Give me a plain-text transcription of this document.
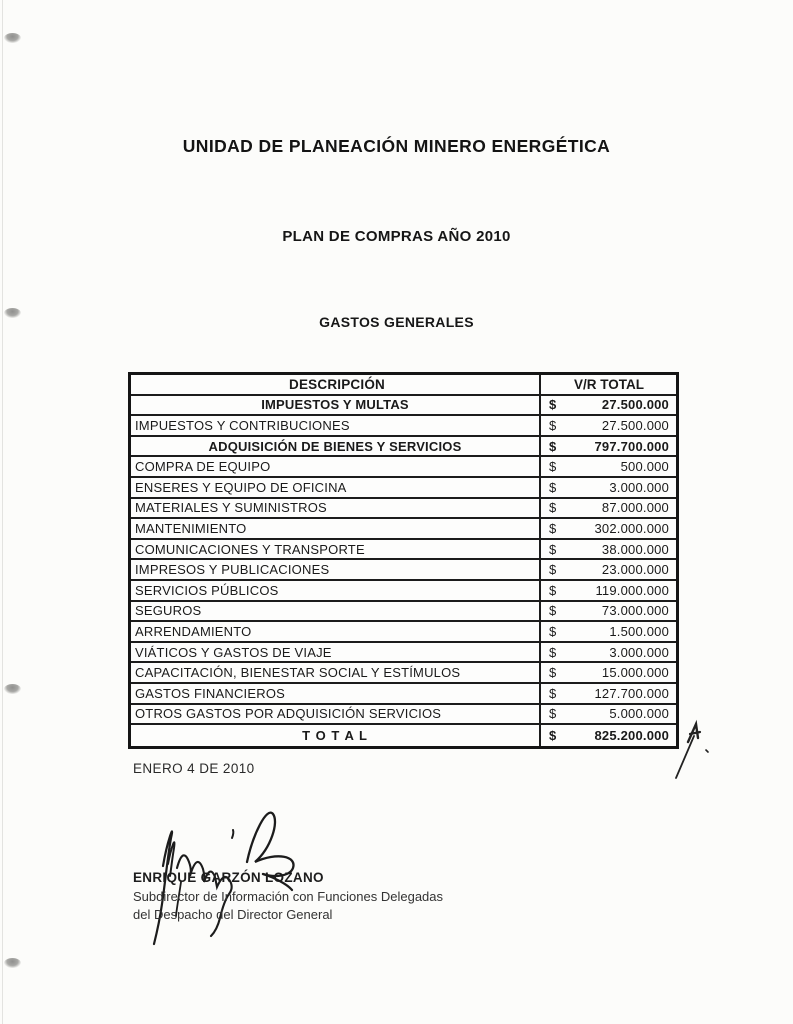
UNIDAD DE PLANEACIÓN MINERO ENERGÉTICA
PLAN DE COMPRAS AÑO 2010
GASTOS GENERALES
DESCRIPCIÓN	V/R TOTAL
IMPUESTOS Y MULTAS	$	27.500.000
IMPUESTOS Y CONTRIBUCIONES	$	27.500.000
ADQUISICIÓN DE BIENES Y SERVICIOS	$	797.700.000
COMPRA DE EQUIPO	$	500.000
ENSERES Y EQUIPO DE OFICINA	$	3.000.000
MATERIALES Y SUMINISTROS	$	87.000.000
MANTENIMIENTO	$	302.000.000
COMUNICACIONES Y TRANSPORTE	$	38.000.000
IMPRESOS Y PUBLICACIONES	$	23.000.000
SERVICIOS PÚBLICOS	$	119.000.000
SEGUROS	$	73.000.000
ARRENDAMIENTO	$	1.500.000
VIÁTICOS Y GASTOS DE VIAJE	$	3.000.000
CAPACITACIÓN, BIENESTAR SOCIAL Y ESTÍMULOS	$	15.000.000
GASTOS FINANCIEROS	$	127.700.000
OTROS GASTOS POR ADQUISICIÓN SERVICIOS	$	5.000.000
T O T A L	$	825.200.000
ENERO 4 DE 2010
ENRIQUE GARZÓN LOZANO
Subdirector de Información con Funciones Delegadas
del Despacho del Director General
